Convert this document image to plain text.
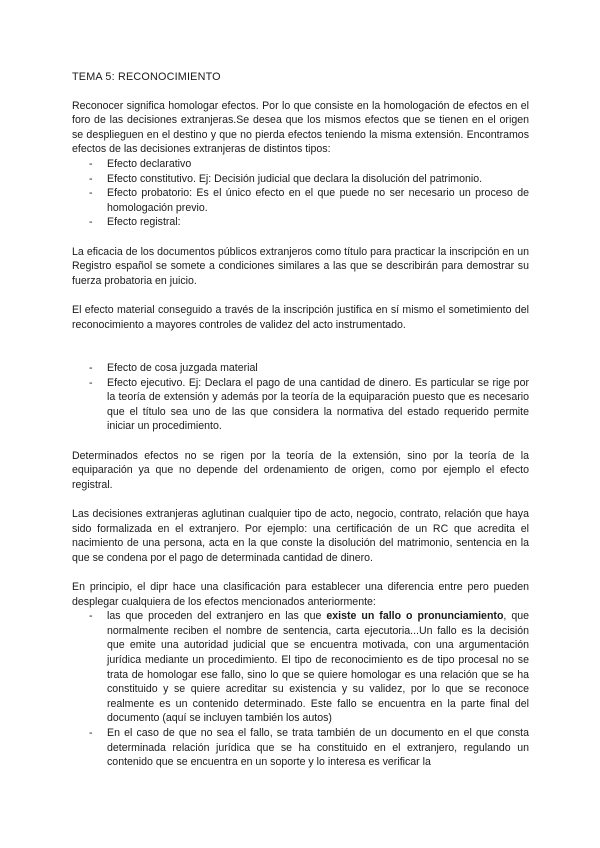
TEMA 5: RECONOCIMIENTO

Reconocer significa homologar efectos. Por lo que consiste en la homologación de efectos en el foro de las decisiones extranjeras.Se desea que los mismos efectos que se tienen en el origen se desplieguen en el destino y que no pierda efectos teniendo la misma extensión. Encontramos efectos de las decisiones extranjeras de distintos tipos:

- Efecto declarativo
- Efecto constitutivo. Ej: Decisión judicial que declara la disolución del patrimonio.
- Efecto probatorio: Es el único efecto en el que puede no ser necesario un proceso de homologación previo.
- Efecto registral:

La eficacia de los documentos públicos extranjeros como título para practicar la inscripción en un Registro español se somete a condiciones similares a las que se describirán para demostrar su fuerza probatoria en juicio.

El efecto material conseguido a través de la inscripción justifica en sí mismo el sometimiento del reconocimiento a mayores controles de validez del acto instrumentado.

- Efecto de cosa juzgada material
- Efecto ejecutivo. Ej: Declara el pago de una cantidad de dinero. Es particular se rige por la teoría de extensión y además por la teoría de la equiparación puesto que es necesario que el título sea uno de las que considera la normativa del estado requerido permite iniciar un procedimiento.

Determinados efectos no se rigen por la teoría de la extensión, sino por la teoría de la equiparación ya que no depende del ordenamiento de origen, como por ejemplo el efecto registral.

Las decisiones extranjeras aglutinan cualquier tipo de acto, negocio, contrato, relación que haya sido formalizada en el extranjero. Por ejemplo: una certificación de un RC que acredita el nacimiento de una persona, acta en la que conste la disolución del matrimonio, sentencia en la que se condena por el pago de determinada cantidad de dinero.

En principio, el dipr hace una clasificación para establecer una diferencia entre pero pueden desplegar cualquiera de los efectos mencionados anteriormente:

- las que proceden del extranjero en las que existe un fallo o pronunciamiento, que normalmente reciben el nombre de sentencia, carta ejecutoria...Un fallo es la decisión que emite una autoridad judicial que se encuentra motivada, con una argumentación jurídica mediante un procedimiento. El tipo de reconocimiento es de tipo procesal no se trata de homologar ese fallo, sino lo que se quiere homologar es una relación que se ha constituido y se quiere acreditar su existencia y su validez, por lo que se reconoce realmente es un contenido determinado. Este fallo se encuentra en la parte final del documento (aquí se incluyen también los autos)
- En el caso de que no sea el fallo, se trata también de un documento en el que consta determinada relación jurídica que se ha constituido en el extranjero, regulando un contenido que se encuentra en un soporte y lo interesa es verificar la
